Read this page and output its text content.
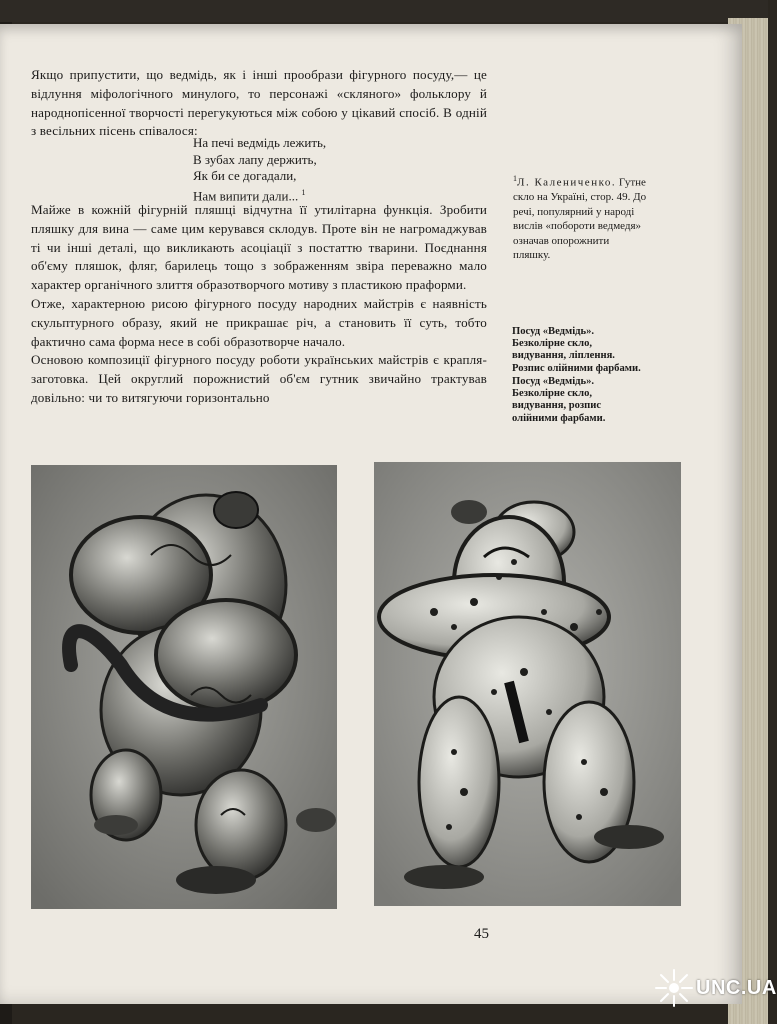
Якщо припустити, що ведмідь, як і інші прообрази фігурного посуду,— це відлуння міфологічного минулого, то персонажі «скляного» фольклору й народнопісенної творчості перегукуються між собою у цікавий спосіб. В одній з весільних пісень співалося:

На печі ведмідь лежить,
В зубах лапу держить,
Як би се догадали,
Нам випити дали... $^1$

Майже в кожній фігурній пляшці відчутна її утилітарна функція. Зробити пляшку для вина — саме цим керувався склодув. Проте він не нагромаджував ті чи інші деталі, що викликають асоціації з постаттю тварини. Поєднання об'єму пляшок, фляг, барилець тощо з зображенням звіра переважно мало характер органічного злиття образотворчого мотиву з пластикою праформи.

Отже, характерною рисою фігурного посуду народних майстрів є наявність скульптурного образу, який не прикрашає річ, а становить її суть, тобто фактично сама форма несе в собі образотворче начало.

Основою композиції фігурного посуду роботи українських майстрів є крапля-заготовка. Цей округлий порожнистий об'єм гутник звичайно трактував довільно: чи то витягуючи горизонтально

$^1$Л. Калениченко. Гутне скло на Україні, стор. 49. До речі, популярний у народі вислів «побороти ведмедя» означав опорожнити пляшку.
Посуд «Ведмідь».
Безколірне скло,
видування, ліплення.
Розпис олійними фарбами.
Посуд «Ведмідь».
Безколірне скло,
видування, розпис
олійними фарбами.
45
UNC.UA
